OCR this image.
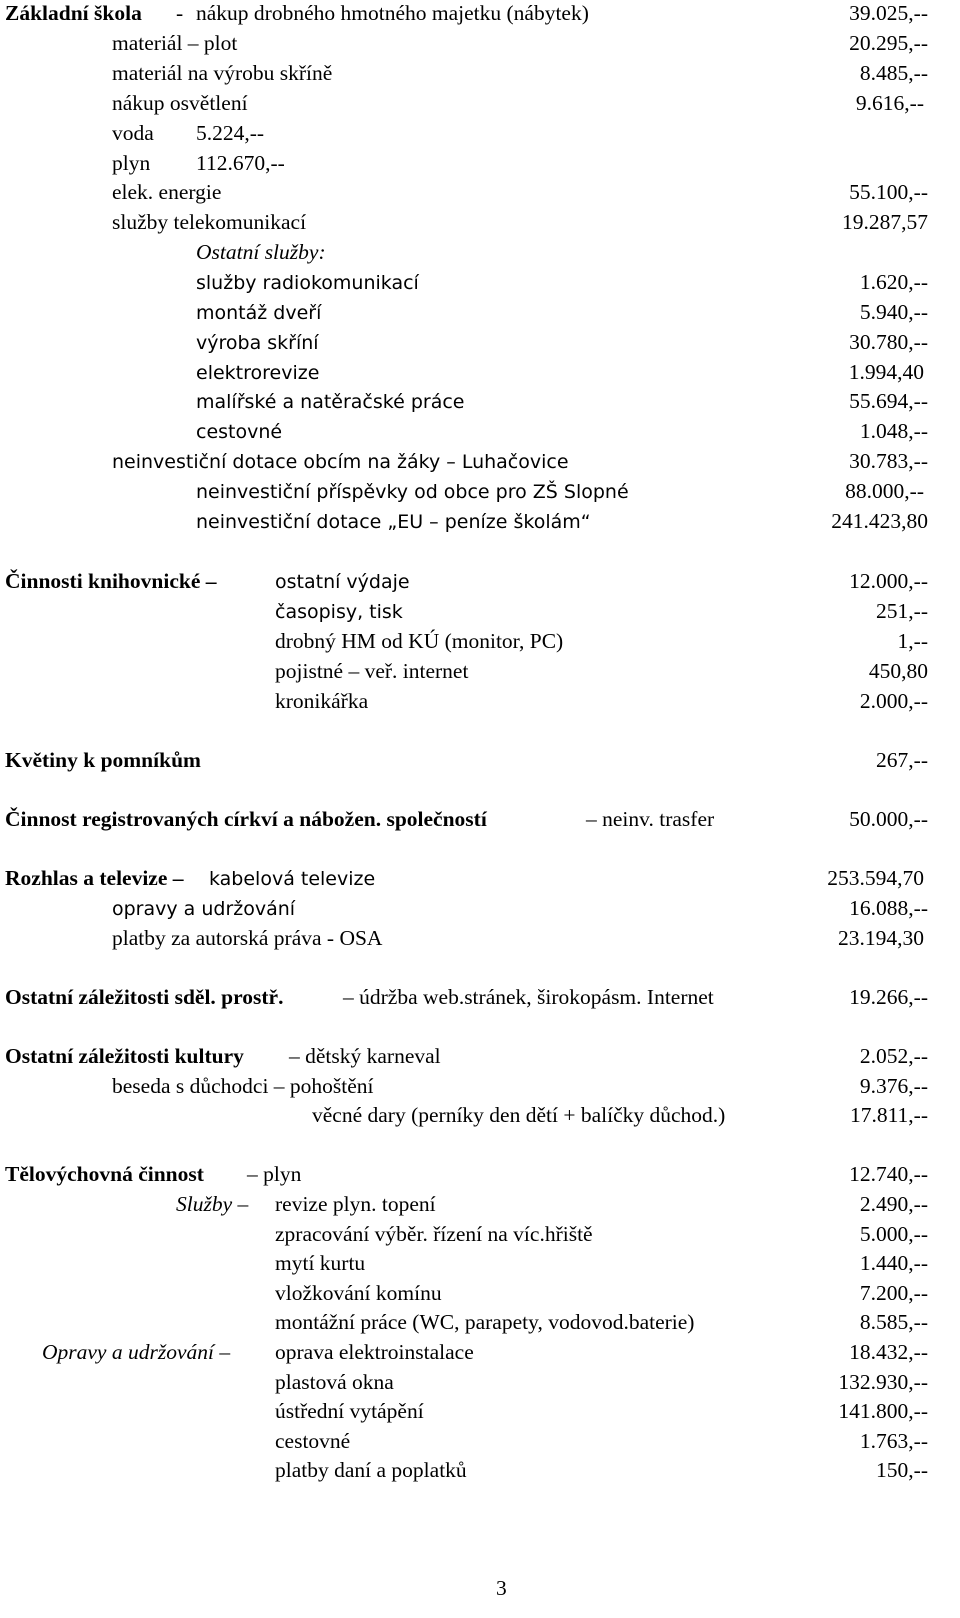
Základní škola - nákup drobného hmotného majetku (nábytek)	39.025,--
materiál – plot	20.295,--
materiál na výrobu skříně	8.485,--
nákup osvětlení	9.616,--
voda 5.224,--
plyn 112.670,--
elek. energie	55.100,--
služby telekomunikací	19.287,57
Ostatní služby:
služby radiokomunikací	1.620,--
montáž dveří	5.940,--
výroba skříní	30.780,--
elektrorevize	1.994,40
malířské a natěračské práce	55.694,--
cestovné	1.048,--
neinvestiční dotace obcím na žáky – Luhačovice	30.783,--
neinvestiční příspěvky od obce pro ZŠ Slopné	88.000,--
neinvestiční dotace „EU – peníze školám“	241.423,80
Činnosti knihovnické –	ostatní výdaje	12.000,--
časopisy, tisk	251,--
drobný HM od KÚ (monitor, PC)	1,--
pojistné – veř. internet	450,80
kronikářka	2.000,--
Květiny k pomníkům	267,--
Činnost registrovaných církví a nábožen. společností	– neinv. trasfer	50.000,--
Rozhlas a televize – kabelová televize	253.594,70
opravy a udržování	16.088,--
platby za autorská práva - OSA	23.194,30
Ostatní záležitosti sděl. prostř.	– údržba web.stránek, širokopásm. Internet	19.266,--
Ostatní záležitosti kultury – dětský karneval	2.052,--
beseda s důchodci – pohoštění	9.376,--
věcné dary (perníky den dětí + balíčky důchod.)	17.811,--
Tělovýchovná činnost – plyn	12.740,--
Služby – revize plyn. topení	2.490,--
zpracování výběr. řízení na víc.hřiště	5.000,--
mytí kurtu	1.440,--
vložkování komínu	7.200,--
montážní práce (WC, parapety, vodovod.baterie)	8.585,--
Opravy a udržování – oprava elektroinstalace	18.432,--
plastová okna	132.930,--
ústřední vytápění	141.800,--
cestovné	1.763,--
platby daní a poplatků	150,--
3
